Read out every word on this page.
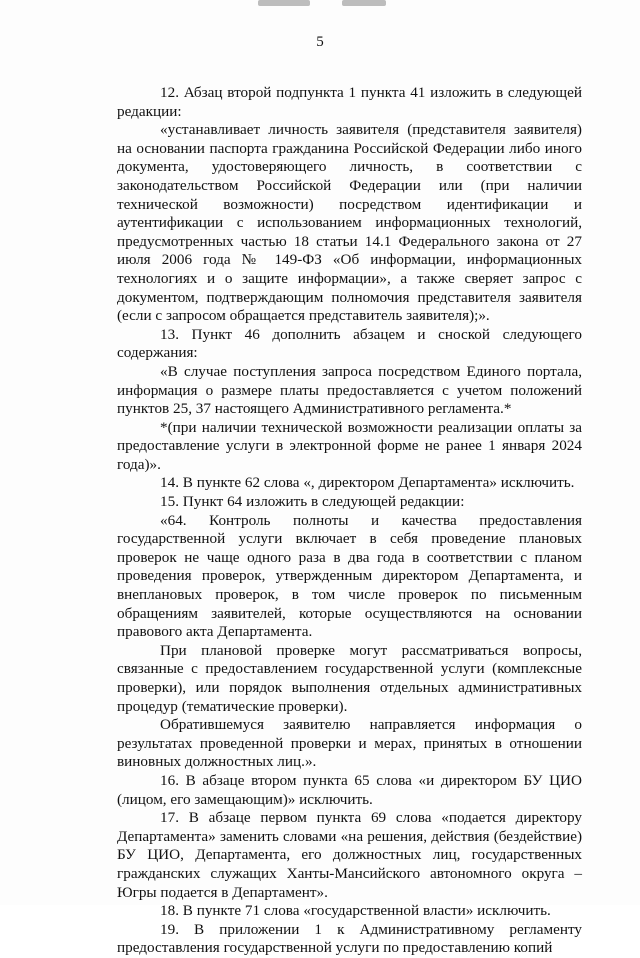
5

12. Абзац второй подпункта 1 пункта 41 изложить в следующей редакции:

«устанавливает личность заявителя (представителя заявителя) на основании паспорта гражданина Российской Федерации либо иного документа, удостоверяющего личность, в соответствии с законодательством Российской Федерации или (при наличии технической возможности) посредством идентификации и аутентификации с использованием информационных технологий, предусмотренных частью 18 статьи 14.1 Федерального закона от 27 июля 2006 года № 149-ФЗ «Об информации, информационных технологиях и о защите информации», а также сверяет запрос с документом, подтверждающим полномочия представителя заявителя (если с запросом обращается представитель заявителя);».

13. Пункт 46 дополнить абзацем и сноской следующего содержания:

«В случае поступления запроса посредством Единого портала, информация о размере платы предоставляется с учетом положений пунктов 25, 37 настоящего Административного регламента.*

*(при наличии технической возможности реализации оплаты за предоставление услуги в электронной форме не ранее 1 января 2024 года)».

14. В пункте 62 слова «, директором Департамента» исключить.

15. Пункт 64 изложить в следующей редакции:

«64. Контроль полноты и качества предоставления государственной услуги включает в себя проведение плановых проверок не чаще одного раза в два года в соответствии с планом проведения проверок, утвержденным директором Департамента, и внеплановых проверок, в том числе проверок по письменным обращениям заявителей, которые осуществляются на основании правового акта Департамента.

При плановой проверке могут рассматриваться вопросы, связанные с предоставлением государственной услуги (комплексные проверки), или порядок выполнения отдельных административных процедур (тематические проверки).

Обратившемуся заявителю направляется информация о результатах проведенной проверки и мерах, принятых в отношении виновных должностных лиц.».

16. В абзаце втором пункта 65 слова «и директором БУ ЦИО (лицом, его замещающим)» исключить.

17. В абзаце первом пункта 69 слова «подается директору Департамента» заменить словами «на решения, действия (бездействие) БУ ЦИО, Департамента, его должностных лиц, государственных гражданских служащих Ханты-Мансийского автономного округа – Югры подается в Департамент».

18. В пункте 71 слова «государственной власти» исключить.

19. В приложении 1 к Административному регламенту предоставления государственной услуги по предоставлению копий
